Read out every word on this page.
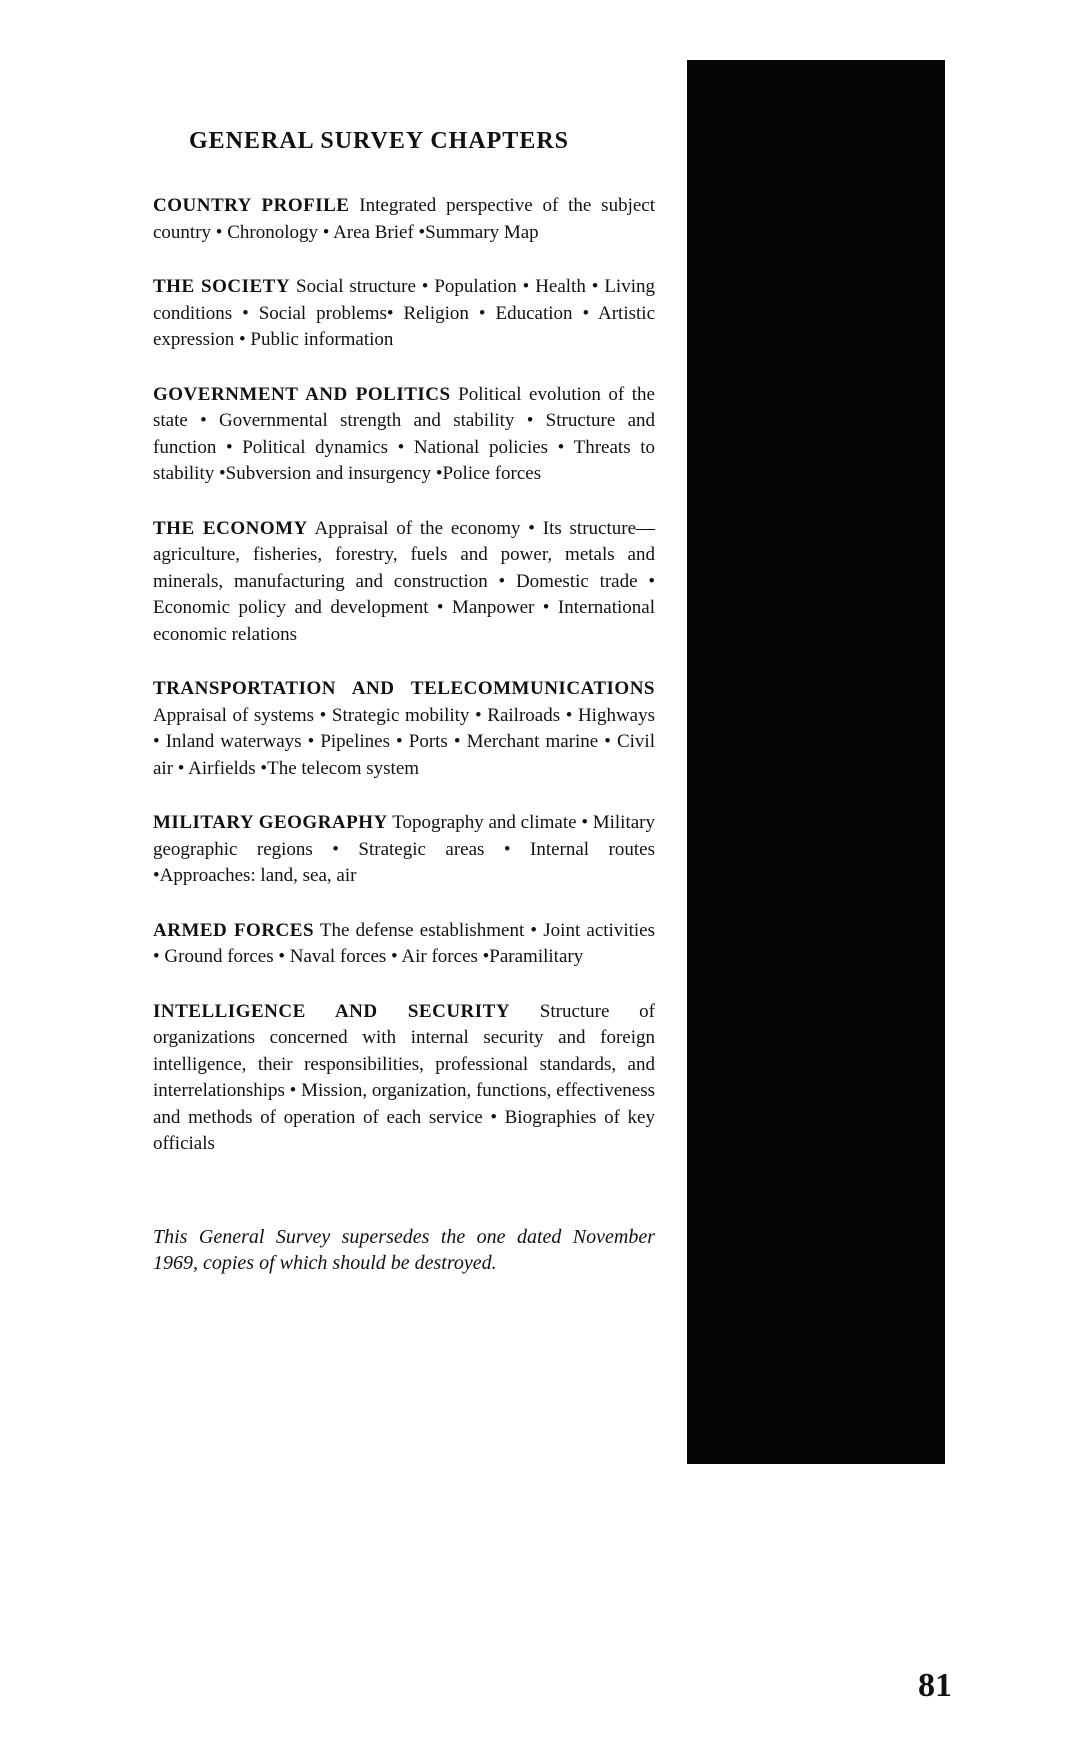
GENERAL SURVEY CHAPTERS
COUNTRY PROFILE Integrated perspective of the subject country • Chronology • Area Brief •Summary Map
THE SOCIETY Social structure • Population • Health • Living conditions • Social problems• Religion • Education • Artistic expression • Public information
GOVERNMENT AND POLITICS Political evolution of the state • Governmental strength and stability • Structure and function • Political dynamics • National policies • Threats to stability •Subversion and insurgency •Police forces
THE ECONOMY Appraisal of the economy • Its structure—agriculture, fisheries, forestry, fuels and power, metals and minerals, manufacturing and construction • Domestic trade • Economic policy and development • Manpower • International economic relations
TRANSPORTATION AND TELECOMMUNICATIONS Appraisal of systems • Strategic mobility • Railroads • Highways • Inland waterways • Pipelines • Ports • Merchant marine • Civil air • Airfields •The telecom system
MILITARY GEOGRAPHY Topography and climate • Military geographic regions • Strategic areas • Internal routes •Approaches: land, sea, air
ARMED FORCES The defense establishment • Joint activities • Ground forces • Naval forces • Air forces •Paramilitary
INTELLIGENCE AND SECURITY Structure of organizations concerned with internal security and foreign intelligence, their responsibilities, professional standards, and interrelationships • Mission, organization, functions, effectiveness and methods of operation of each service • Biographies of key officials
This General Survey supersedes the one dated November 1969, copies of which should be destroyed.
81
